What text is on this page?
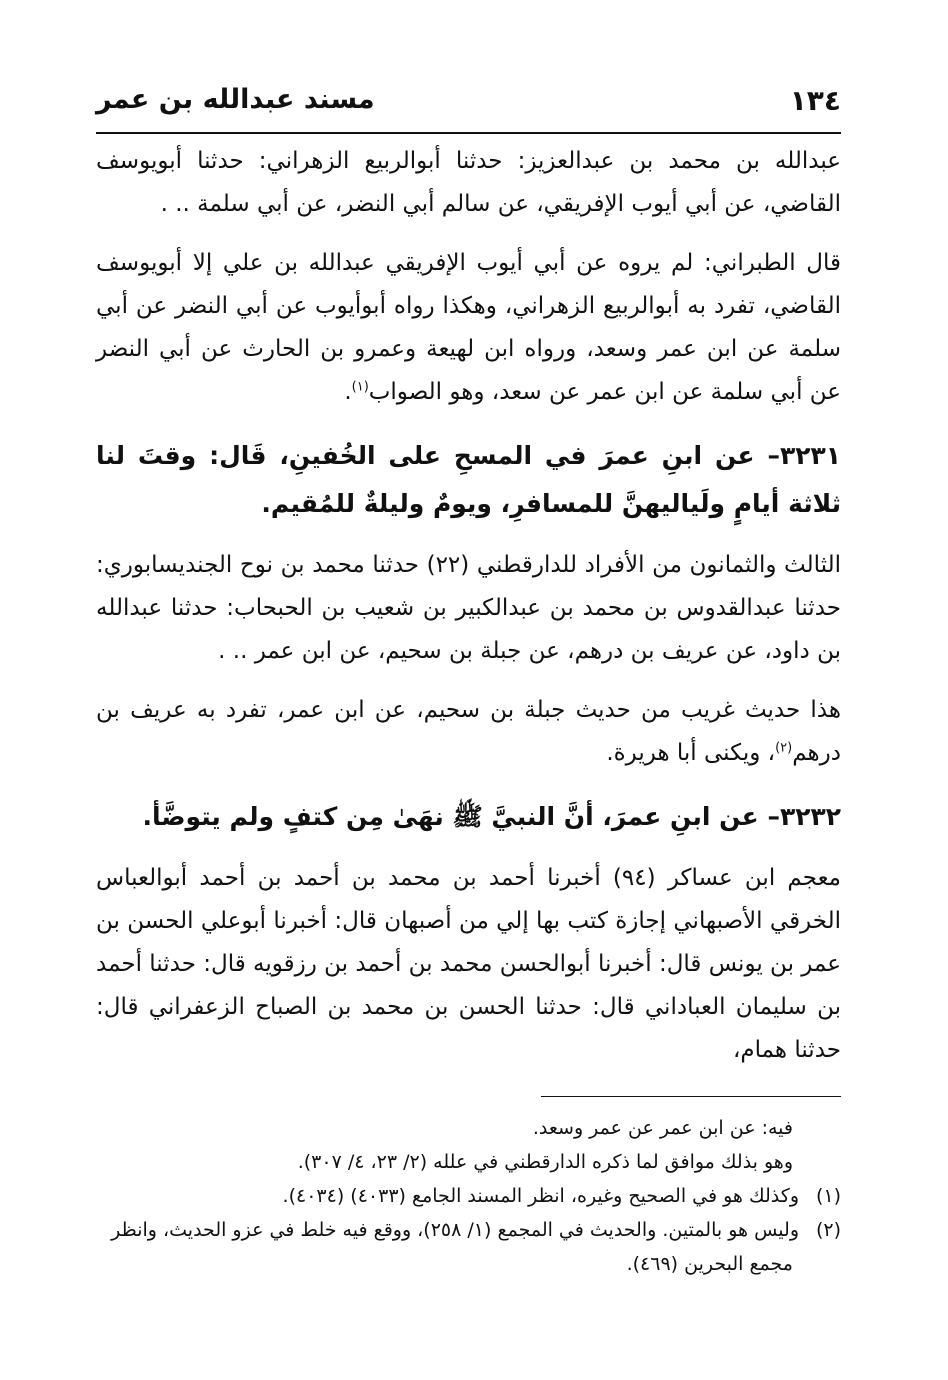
١٣٤
مسند عبدالله بن عمر

عبدالله بن محمد بن عبدالعزيز: حدثنا أبوالربيع الزهراني: حدثنا أبويوسف القاضي، عن أبي أيوب الإفريقي، عن سالم أبي النضر، عن أبي سلمة .. .

قال الطبراني: لم يروه عن أبي أيوب الإفريقي عبدالله بن علي إلا أبويوسف القاضي، تفرد به أبوالربيع الزهراني، وهكذا رواه أبوأيوب عن أبي النضر عن أبي سلمة عن ابن عمر وسعد، ورواه ابن لهيعة وعمرو بن الحارث عن أبي النضر عن أبي سلمة عن ابن عمر عن سعد، وهو الصواب$^{(١)}$.

٣٢٣١– عن ابنِ عمرَ في المسحِ على الخُفينِ، قَال: وقتَ لنا ثلاثة أيامٍ ولَياليهنَّ للمسافرِ، ويومٌ وليلةٌ للمُقيم.

الثالث والثمانون من الأفراد للدارقطني (٢٢) حدثنا محمد بن نوح الجنديسابوري: حدثنا عبدالقدوس بن محمد بن عبدالكبير بن شعيب بن الحبحاب: حدثنا عبدالله بن داود، عن عريف بن درهم، عن جبلة بن سحيم، عن ابن عمر .. .

هذا حديث غريب من حديث جبلة بن سحيم، عن ابن عمر، تفرد به عريف بن درهم$^{(٢)}$، ويكنى أبا هريرة.

٣٢٣٢– عن ابنِ عمرَ، أنَّ النبيَّ ﷺ نهَىٰ مِن كتفٍ ولم يتوضَّأ.

معجم ابن عساكر (٩٤) أخبرنا أحمد بن محمد بن أحمد بن أحمد أبوالعباس الخرقي الأصبهاني إجازة كتب بها إلي من أصبهان قال: أخبرنا أبوعلي الحسن بن عمر بن يونس قال: أخبرنا أبوالحسن محمد بن أحمد بن رزقويه قال: حدثنا أحمد بن سليمان العباداني قال: حدثنا الحسن بن محمد بن الصباح الزعفراني قال: حدثنا همام،

فيه: عن ابن عمر عن عمر وسعد.

وهو بذلك موافق لما ذكره الدارقطني في علله (٢/ ٢٣، ٤/ ٣٠٧).

(١)وكذلك هو في الصحيح وغيره، انظر المسند الجامع (٤٠٣٣) (٤٠٣٤).

(٢)وليس هو بالمتين. والحديث في المجمع (١/ ٢٥٨)، ووقع فيه خلط في عزو الحديث، وانظر

مجمع البحرين (٤٦٩).
